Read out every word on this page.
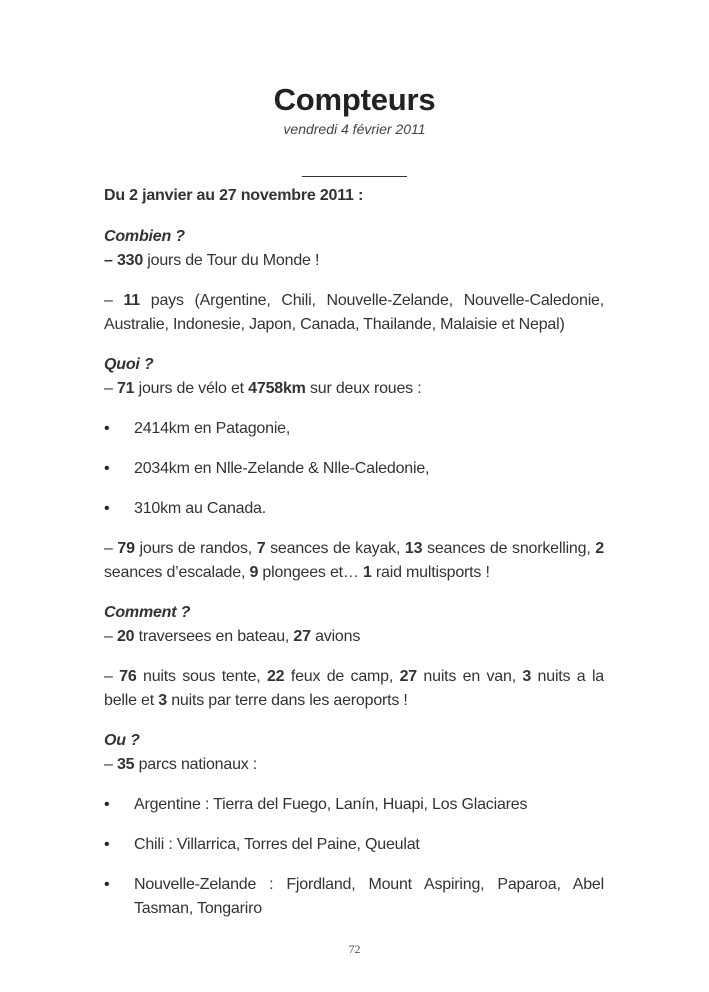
Compteurs
vendredi 4 février 2011

Du 2 janvier au 27 novembre 2011 :

Combien ?

– 330 jours de Tour du Monde !

– 11 pays (Argentine, Chili, Nouvelle-Zelande, Nouvelle-Caledonie, Australie, Indonesie, Japon, Canada, Thailande, Malaisie et Nepal)

Quoi ?

– 71 jours de vélo et 4758km sur deux roues :

• 2414km en Patagonie,
• 2034km en Nlle-Zelande & Nlle-Caledonie,
• 310km au Canada.

– 79 jours de randos, 7 seances de kayak, 13 seances de snorkelling, 2 seances d’escalade, 9 plongees et… 1 raid multisports !

Comment ?

– 20 traversees en bateau, 27 avions

– 76 nuits sous tente, 22 feux de camp, 27 nuits en van, 3 nuits a la belle et 3 nuits par terre dans les aeroports !

Ou ?

– 35 parcs nationaux :

• Argentine : Tierra del Fuego, Lanín, Huapi, Los Glaciares
• Chili : Villarrica, Torres del Paine, Queulat
• Nouvelle-Zelande : Fjordland, Mount Aspiring, Paparoa, Abel Tasman, Tongariro
72
